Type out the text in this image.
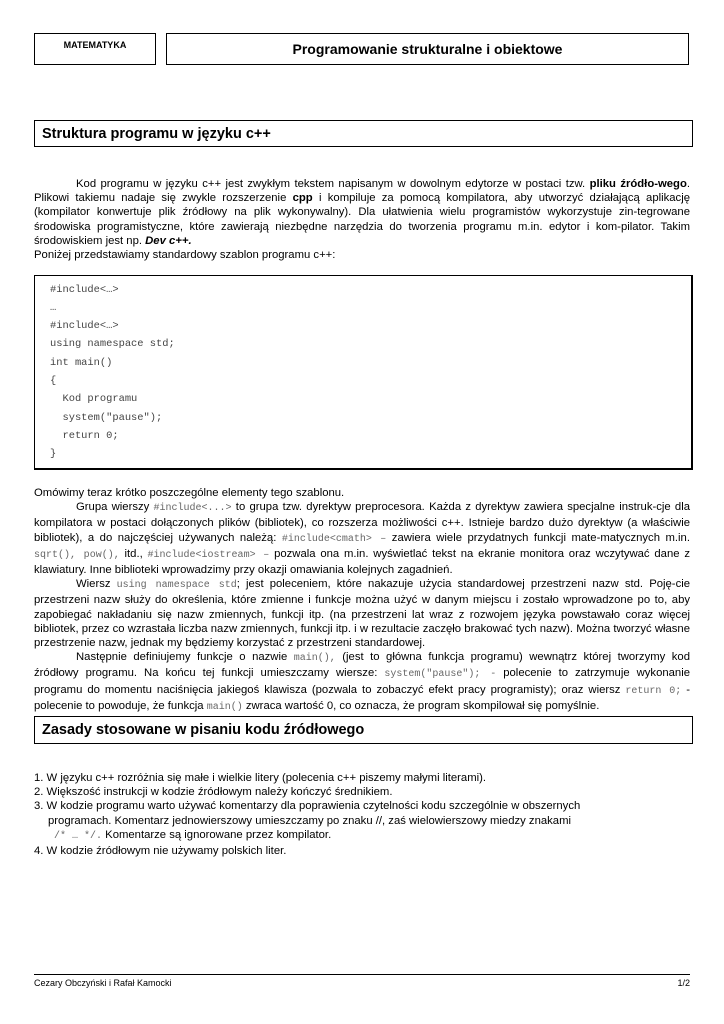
MATEMATYKA	Programowanie strukturalne i obiektowe
Struktura programu w języku c++

Kod programu w języku c++ jest zwykłym tekstem napisanym w dowolnym edytorze w postaci tzw. pliku źródło-wego. Plikowi takiemu nadaje się zwykle rozszerzenie cpp i kompiluje za pomocą kompilatora, aby utworzyć działającą aplikację (kompilator konwertuje plik źródłowy na plik wykonywalny). Dla ułatwienia wielu programistów wykorzystuje zin-tegrowane środowiska programistyczne, które zawierają niezbędne narzędzia do tworzenia programu m.in. edytor i kom-pilator. Takim środowiskiem jest np. Dev c++.

Poniżej przedstawiamy standardowy szablon programu c++:

#include<…>
…
#include<…>
using namespace std;
int main()
{
Kod programu
system("pause");
return 0;
}

Omówimy teraz krótko poszczególne elementy tego szablonu.

Grupa wierszy #include<...> to grupa tzw. dyrektyw preprocesora. Każda z dyrektyw zawiera specjalne instruk-cje dla kompilatora w postaci dołączonych plików (bibliotek), co rozszerza możliwości c++. Istnieje bardzo dużo dyrektyw (a właściwie bibliotek), a do najczęściej używanych należą: #include<cmath> – zawiera wiele przydatnych funkcji mate-matycznych m.in. sqrt(), pow(), itd., #include<iostream> – pozwala ona m.in. wyświetlać tekst na ekranie monitora oraz wczytywać dane z klawiatury. Inne biblioteki wprowadzimy przy okazji omawiania kolejnych zagadnień.

Wiersz using namespace std; jest poleceniem, które nakazuje użycia standardowej przestrzeni nazw std. Poję-cie przestrzeni nazw służy do określenia, które zmienne i funkcje można użyć w danym miejscu i zostało wprowadzone po to, aby zapobiegać nakładaniu się nazw zmiennych, funkcji itp. (na przestrzeni lat wraz z rozwojem języka powstawało coraz więcej bibliotek, przez co wzrastała liczba nazw zmiennych, funkcji itp. i w rezultacie zaczęło brakować tych nazw). Można tworzyć własne przestrzenie nazw, jednak my będziemy korzystać z przestrzeni standardowej.

Następnie definiujemy funkcje o nazwie main(), (jest to główna funkcja programu) wewnątrz której tworzymy kod źródłowy programu. Na końcu tej funkcji umieszczamy wiersze: system("pause"); - polecenie to zatrzymuje wykonanie programu do momentu naciśnięcia jakiegoś klawisza (pozwala to zobaczyć efekt pracy programisty); oraz wiersz return 0; - polecenie to powoduje, że funkcja main() zwraca wartość 0, co oznacza, że program skompilował się pomyślnie.

Zasady stosowane w pisaniu kodu źródłowego

1. W języku c++ rozróżnia się małe i wielkie litery (polecenia c++ piszemy małymi literami).

2. Większość instrukcji w kodzie źródłowym należy kończyć średnikiem.

3. W kodzie programu warto używać komentarzy dla poprawienia czytelności kodu szczególnie w obszernych

programach. Komentarz jednowierszowy umieszczamy po znaku //, zaś wielowierszowy miedzy znakami

/* … */. Komentarze są ignorowane przez kompilator.

4. W kodzie źródłowym nie używamy polskich liter.

Cezary Obczyński i Rafał Kamocki	1/2
